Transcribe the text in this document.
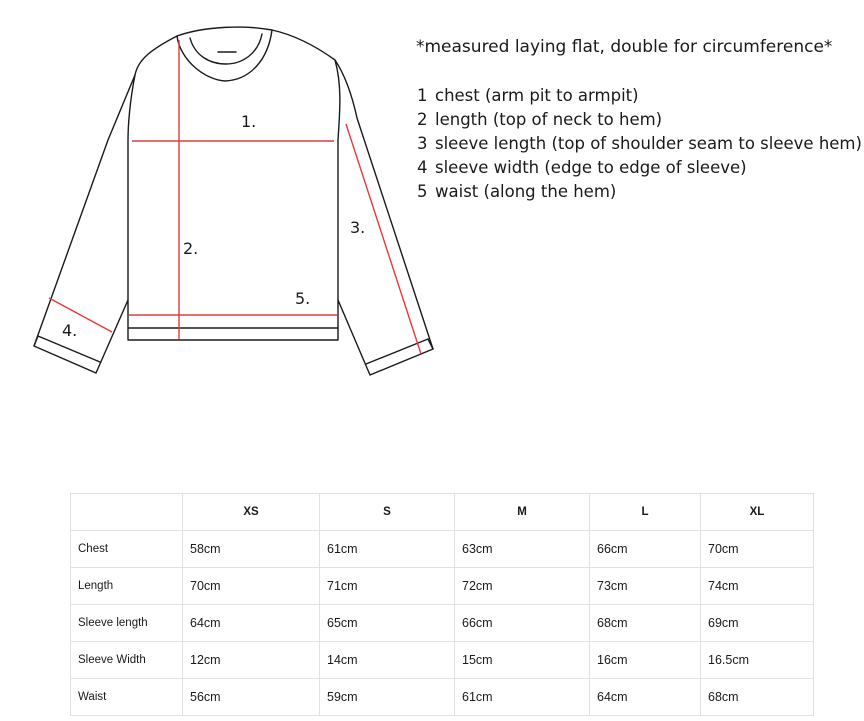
1.
2.
3.
4.
5.
*measured laying flat, double for circumference*
1 chest (arm pit to armpit)
2 length (top of neck to hem)
3 sleeve length (top of shoulder seam to sleeve hem)
4 sleeve width (edge to edge of sleeve)
5 waist (along the hem)
	XS	S	M	L	XL
Chest	58cm	61cm	63cm	66cm	70cm
Length	70cm	71cm	72cm	73cm	74cm
Sleeve length	64cm	65cm	66cm	68cm	69cm
Sleeve Width	12cm	14cm	15cm	16cm	16.5cm
Waist	56cm	59cm	61cm	64cm	68cm
